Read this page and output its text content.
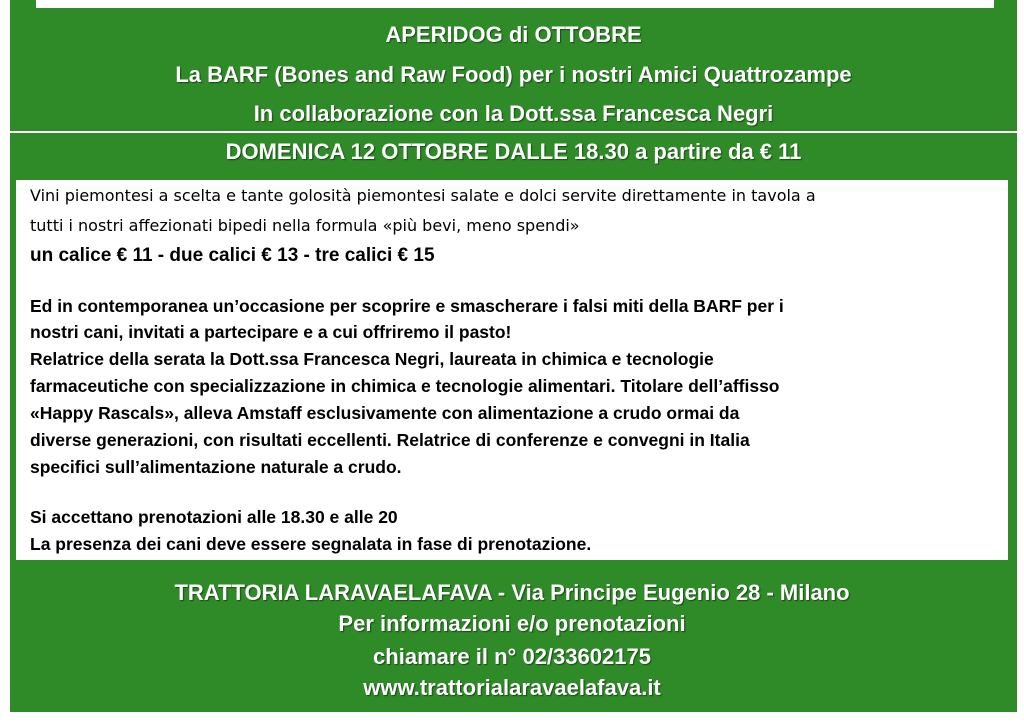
APERIDOG di OTTOBRE
La BARF (Bones and Raw Food) per i nostri Amici Quattrozampe
In collaborazione con la Dott.ssa Francesca Negri
DOMENICA 12 OTTOBRE DALLE 18.30 a partire da € 11

Vini piemontesi a scelta e tante golosità piemontesi salate e dolci servite direttamente in tavola a

tutti i nostri affezionati bipedi nella formula «più bevi, meno spendi»

un calice € 11 - due calici € 13 - tre calici € 15

Ed in contemporanea un’occasione per scoprire e smascherare i falsi miti della BARF per i

nostri cani, invitati a partecipare e a cui offriremo il pasto!

Relatrice della serata la Dott.ssa Francesca Negri, laureata in chimica e tecnologie

farmaceutiche con specializzazione in chimica e tecnologie alimentari. Titolare dell’affisso

«Happy Rascals», alleva Amstaff esclusivamente con alimentazione a crudo ormai da

diverse generazioni, con risultati eccellenti. Relatrice di conferenze e convegni in Italia

specifici sull’alimentazione naturale a crudo.

Si accettano prenotazioni alle 18.30 e alle 20

La presenza dei cani deve essere segnalata in fase di prenotazione.

TRATTORIA LARAVAELAFAVA - Via Principe Eugenio 28 - Milano
Per informazioni e/o prenotazioni
chiamare il n° 02/33602175
www.trattorialaravaelafava.it
